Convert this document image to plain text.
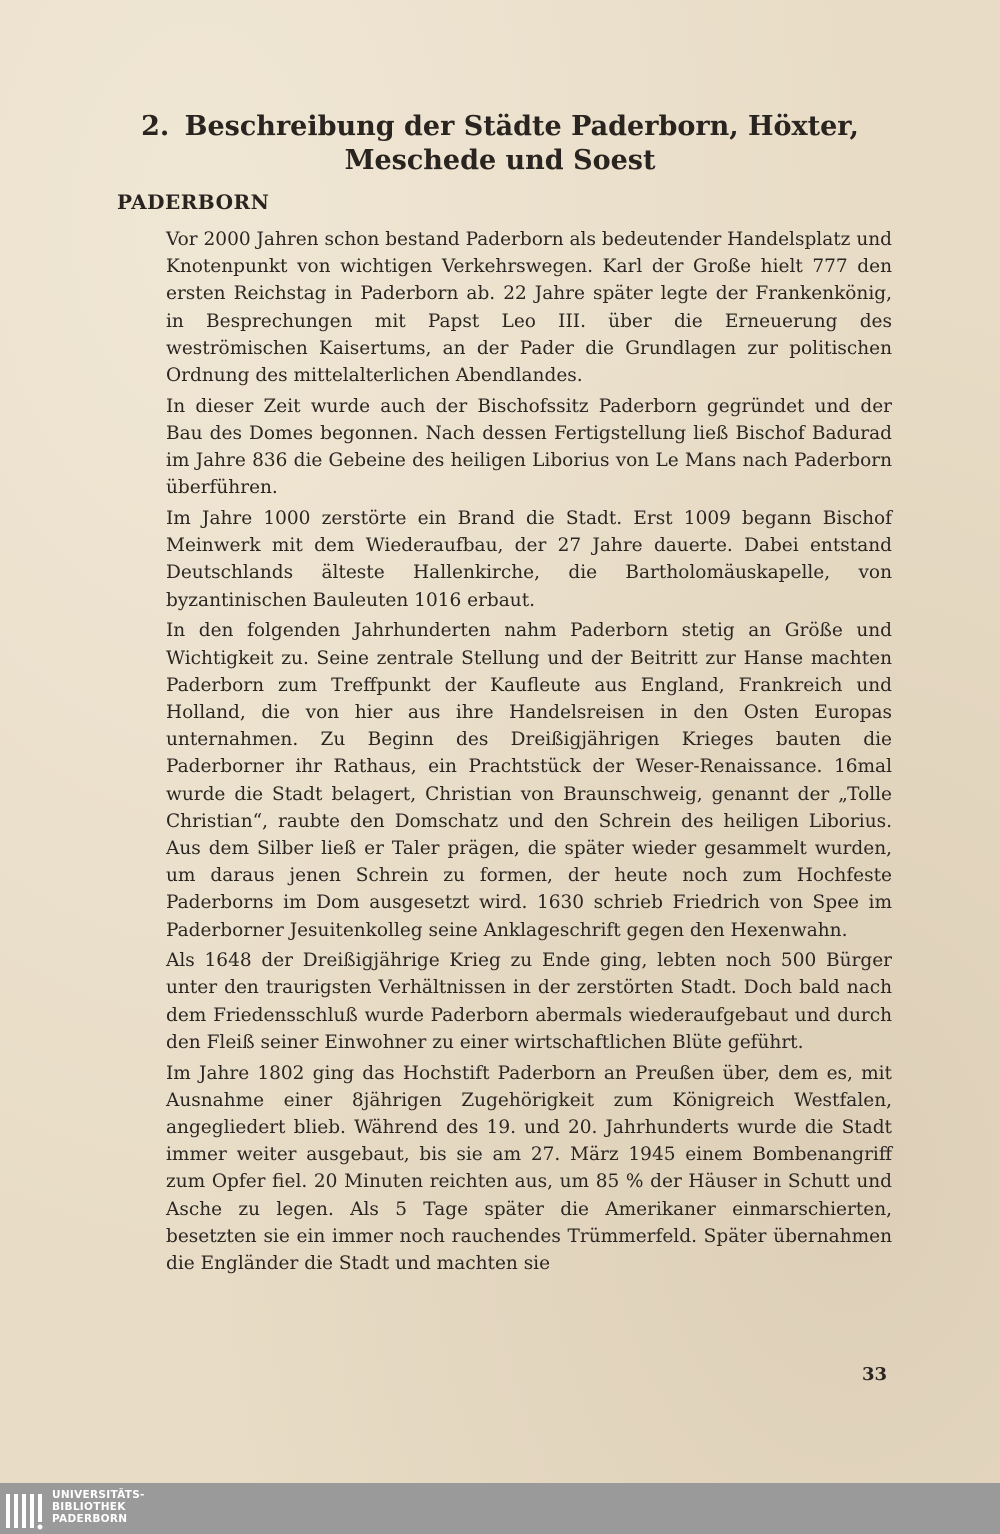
2. Beschreibung der Städte Paderborn, Höxter, Meschede und Soest
PADERBORN

Vor 2000 Jahren schon bestand Paderborn als bedeutender Handelsplatz und Knotenpunkt von wichtigen Verkehrswegen. Karl der Große hielt 777 den ersten Reichstag in Paderborn ab. 22 Jahre später legte der Frankenkönig, in Besprechungen mit Papst Leo III. über die Erneuerung des weströmischen Kaisertums, an der Pader die Grundlagen zur politischen Ordnung des mittelalterlichen Abendlandes.

In dieser Zeit wurde auch der Bischofssitz Paderborn gegründet und der Bau des Domes begonnen. Nach dessen Fertigstellung ließ Bischof Badurad im Jahre 836 die Gebeine des heiligen Liborius von Le Mans nach Paderborn überführen.

Im Jahre 1000 zerstörte ein Brand die Stadt. Erst 1009 begann Bischof Meinwerk mit dem Wiederaufbau, der 27 Jahre dauerte. Dabei entstand Deutschlands älteste Hallenkirche, die Bartholomäuskapelle, von byzantinischen Bauleuten 1016 erbaut.

In den folgenden Jahrhunderten nahm Paderborn stetig an Größe und Wichtigkeit zu. Seine zentrale Stellung und der Beitritt zur Hanse machten Paderborn zum Treffpunkt der Kaufleute aus England, Frankreich und Holland, die von hier aus ihre Handelsreisen in den Osten Europas unternahmen. Zu Beginn des Dreißigjährigen Krieges bauten die Paderborner ihr Rathaus, ein Prachtstück der Weser-Renaissance. 16mal wurde die Stadt belagert, Christian von Braunschweig, genannt der „Tolle Christian“, raubte den Domschatz und den Schrein des heiligen Liborius. Aus dem Silber ließ er Taler prägen, die später wieder gesammelt wurden, um daraus jenen Schrein zu formen, der heute noch zum Hochfeste Paderborns im Dom ausgesetzt wird. 1630 schrieb Friedrich von Spee im Paderborner Jesuitenkolleg seine Anklageschrift gegen den Hexenwahn.

Als 1648 der Dreißigjährige Krieg zu Ende ging, lebten noch 500 Bürger unter den traurigsten Verhältnissen in der zerstörten Stadt. Doch bald nach dem Friedensschluß wurde Paderborn abermals wiederaufgebaut und durch den Fleiß seiner Einwohner zu einer wirtschaftlichen Blüte geführt.

Im Jahre 1802 ging das Hochstift Paderborn an Preußen über, dem es, mit Ausnahme einer 8jährigen Zugehörigkeit zum Königreich Westfalen, angegliedert blieb. Während des 19. und 20. Jahrhunderts wurde die Stadt immer weiter ausgebaut, bis sie am 27. März 1945 einem Bombenangriff zum Opfer fiel. 20 Minuten reichten aus, um 85 % der Häuser in Schutt und Asche zu legen. Als 5 Tage später die Amerikaner einmarschierten, besetzten sie ein immer noch rauchendes Trümmerfeld. Später übernahmen die Engländer die Stadt und machten sie

33
UNIVERSITÄTS-
BIBLIOTHEK
PADERBORN
